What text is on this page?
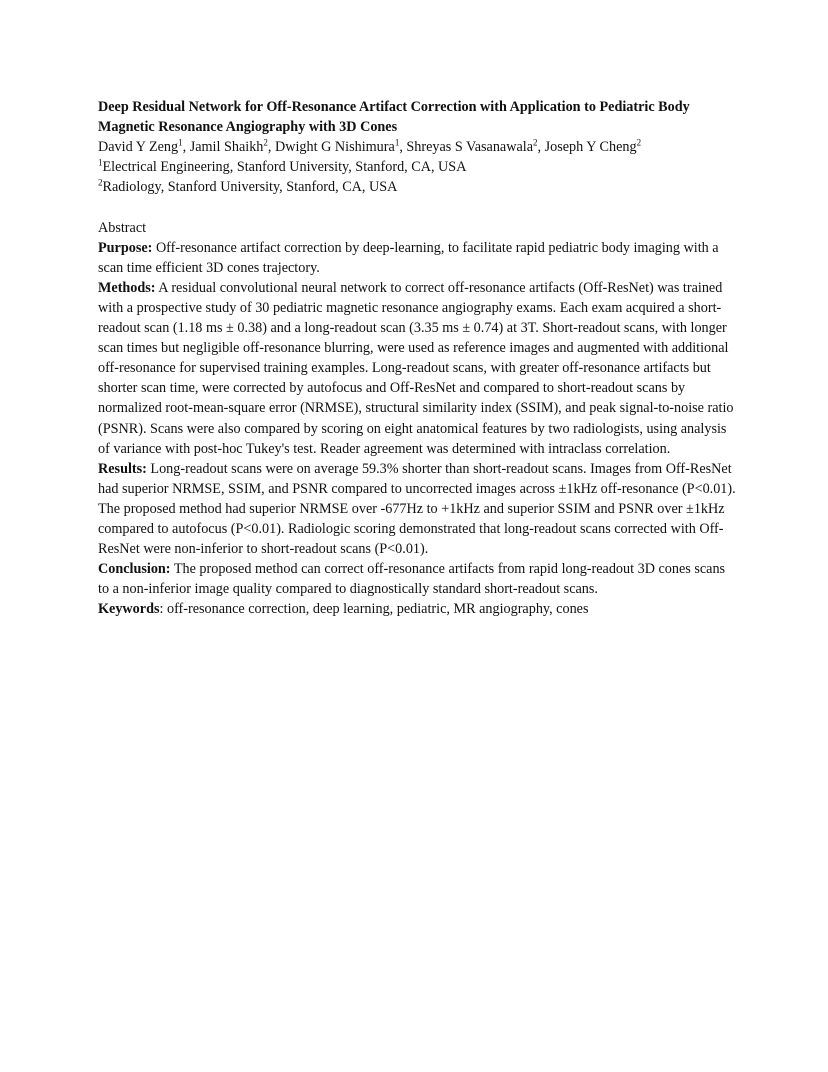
Deep Residual Network for Off-Resonance Artifact Correction with Application to Pediatric Body Magnetic Resonance Angiography with 3D Cones

David Y Zeng$^1$, Jamil Shaikh$^2$, Dwight G Nishimura$^1$, Shreyas S Vasanawala$^2$, Joseph Y Cheng$^2$

$^1$Electrical Engineering, Stanford University, Stanford, CA, USA

$^2$Radiology, Stanford University, Stanford, CA, USA

Abstract

Purpose: Off-resonance artifact correction by deep-learning, to facilitate rapid pediatric body imaging with a scan time efficient 3D cones trajectory.

Methods: A residual convolutional neural network to correct off-resonance artifacts (Off-ResNet) was trained with a prospective study of 30 pediatric magnetic resonance angiography exams. Each exam acquired a short-readout scan (1.18 ms ± 0.38) and a long-readout scan (3.35 ms ± 0.74) at 3T. Short-readout scans, with longer scan times but negligible off-resonance blurring, were used as reference images and augmented with additional off-resonance for supervised training examples. Long-readout scans, with greater off-resonance artifacts but shorter scan time, were corrected by autofocus and Off-ResNet and compared to short-readout scans by normalized root-mean-square error (NRMSE), structural similarity index (SSIM), and peak signal-to-noise ratio (PSNR). Scans were also compared by scoring on eight anatomical features by two radiologists, using analysis of variance with post-hoc Tukey's test. Reader agreement was determined with intraclass correlation.

Results: Long-readout scans were on average 59.3% shorter than short-readout scans. Images from Off-ResNet had superior NRMSE, SSIM, and PSNR compared to uncorrected images across ±1kHz off-resonance (P<0.01). The proposed method had superior NRMSE over -677Hz to +1kHz and superior SSIM and PSNR over ±1kHz compared to autofocus (P<0.01). Radiologic scoring demonstrated that long-readout scans corrected with Off-ResNet were non-inferior to short-readout scans (P<0.01).

Conclusion: The proposed method can correct off-resonance artifacts from rapid long-readout 3D cones scans to a non-inferior image quality compared to diagnostically standard short-readout scans.

Keywords: off-resonance correction, deep learning, pediatric, MR angiography, cones
